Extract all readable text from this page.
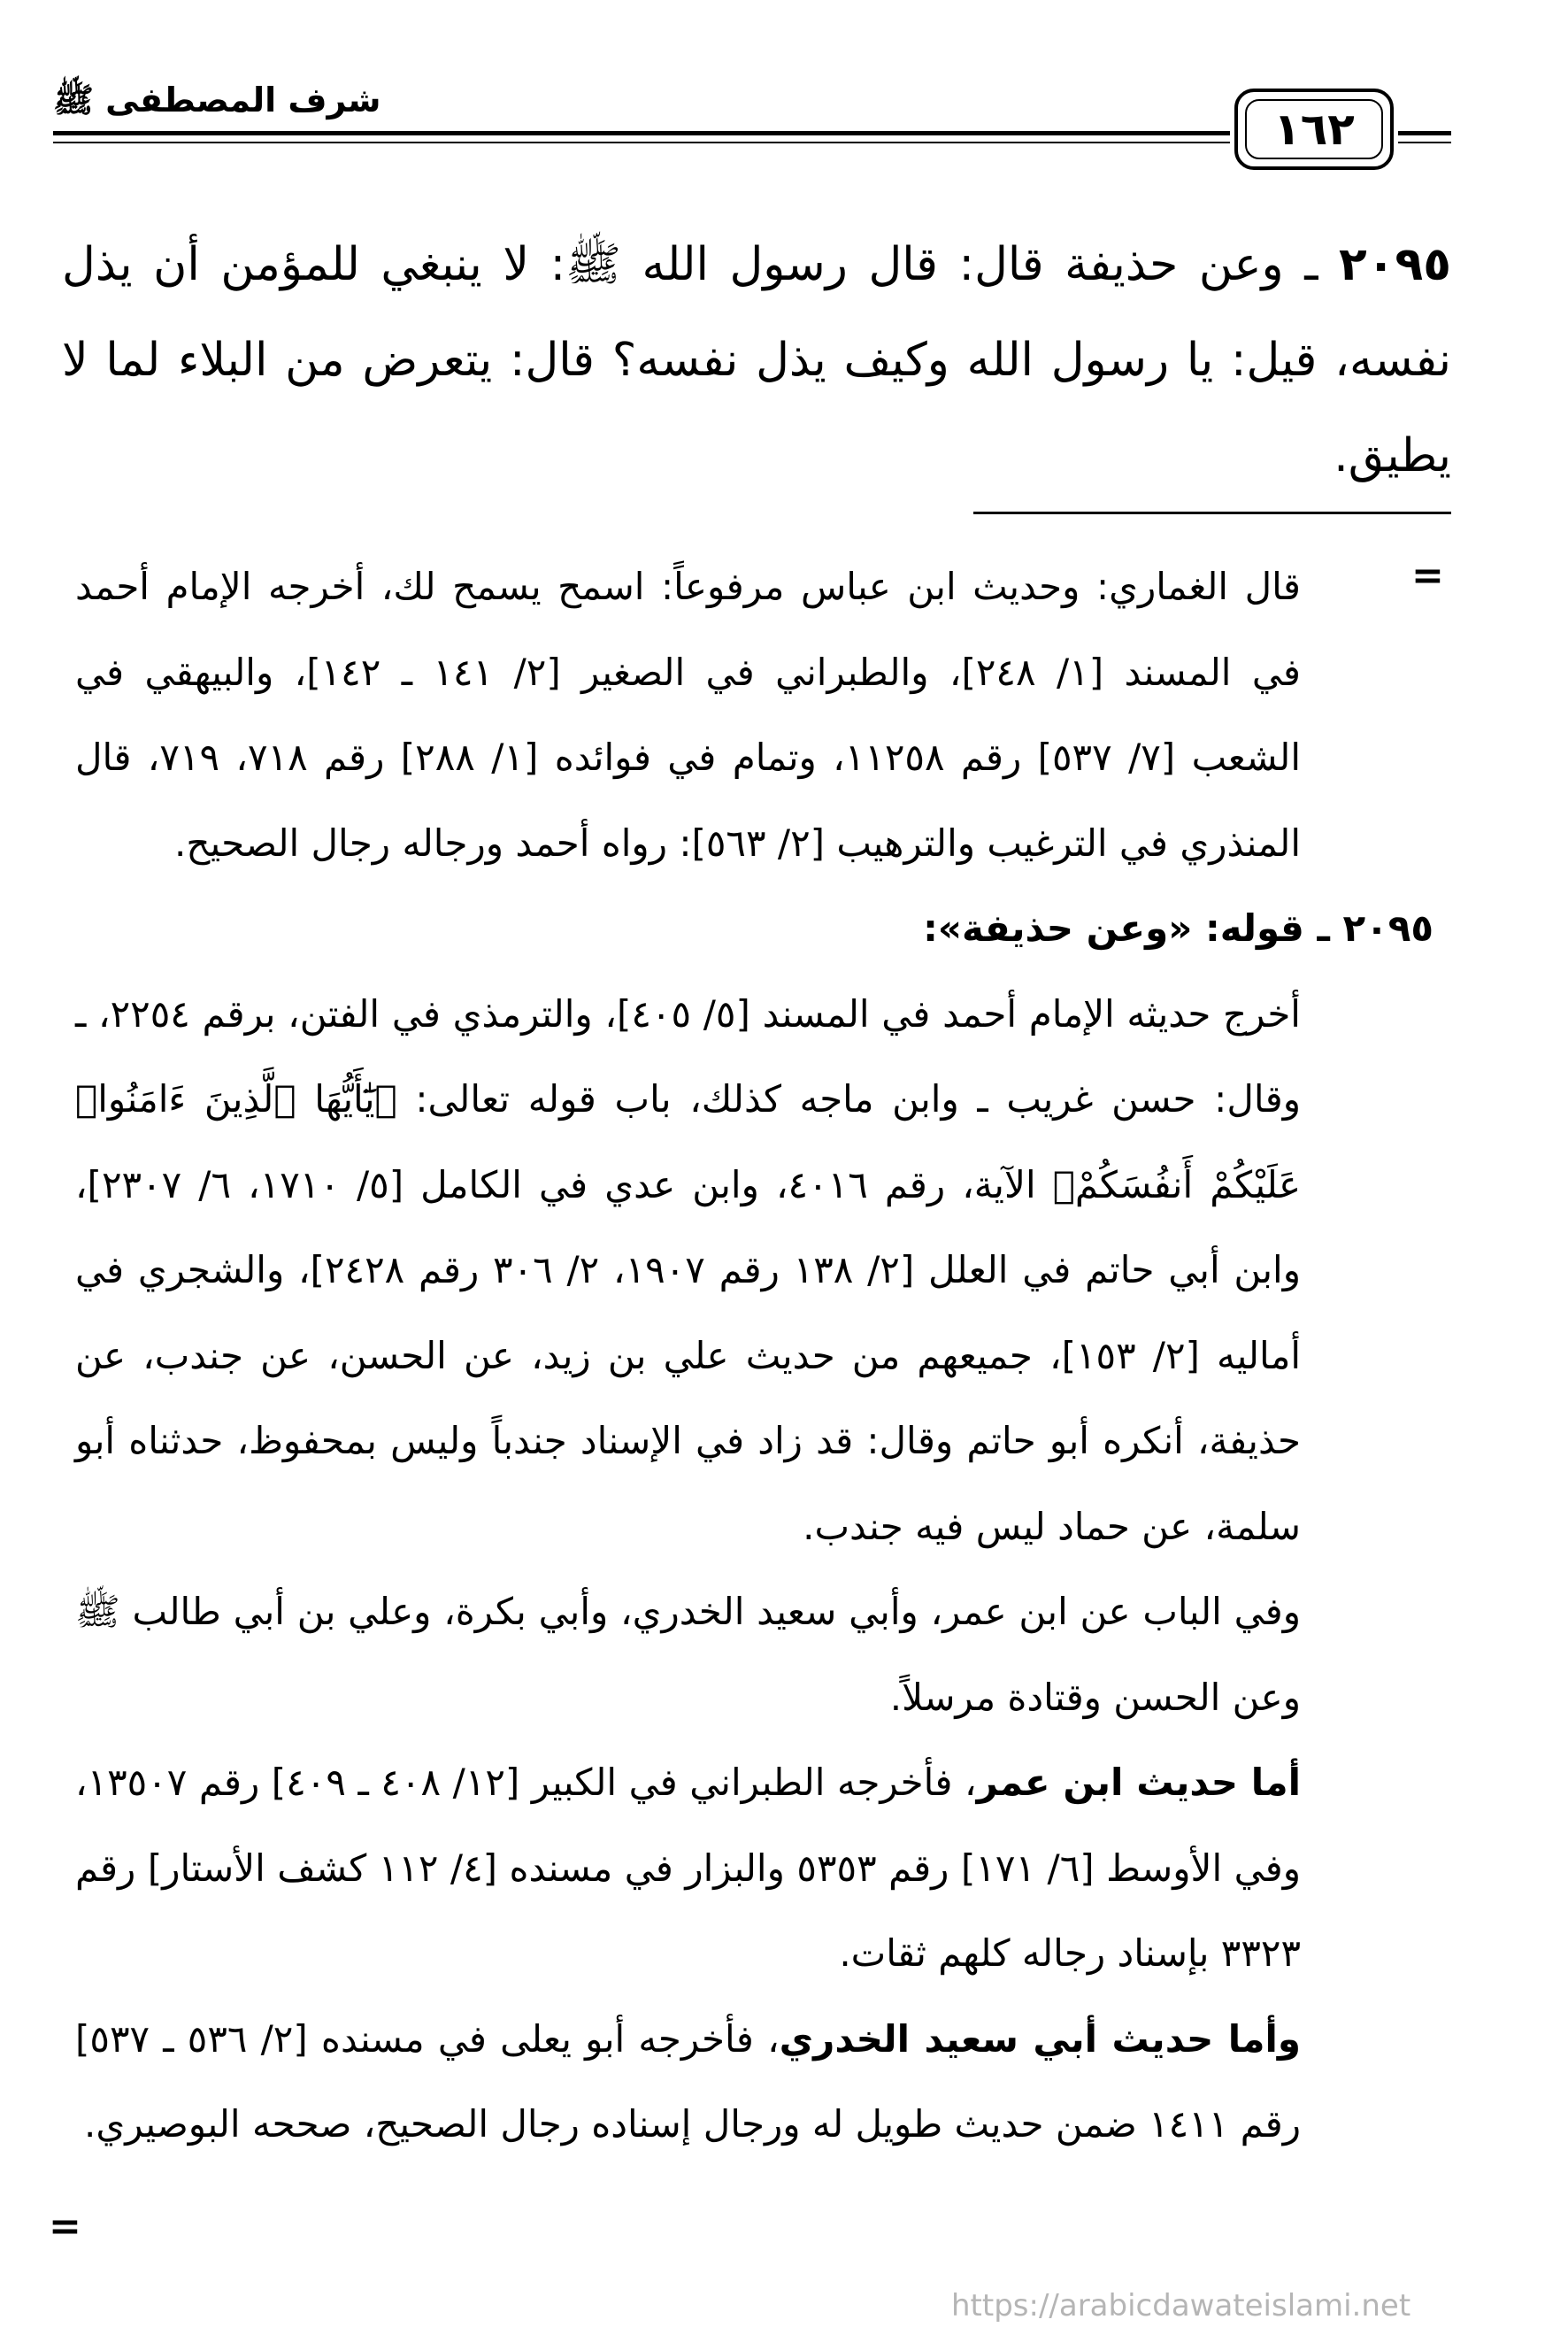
شرف المصطفى ﷺ
١٦٢
٢٠٩٥ ـ وعن حذيفة قال: قال رسول الله ﷺ: لا ينبغي للمؤمن أن يذل نفسه، قيل: يا رسول الله وكيف يذل نفسه؟ قال: يتعرض من البلاء لما لا يطيق.
=

قال الغماري: وحديث ابن عباس مرفوعاً: اسمح يسمح لك، أخرجه الإمام أحمد في المسند [١/ ٢٤٨]، والطبراني في الصغير [٢/ ١٤١ ـ ١٤٢]، والبيهقي في الشعب [٧/ ٥٣٧] رقم ١١٢٥٨، وتمام في فوائده [١/ ٢٨٨] رقم ٧١٨، ٧١٩، قال المنذري في الترغيب والترهيب [٢/ ٥٦٣]: رواه أحمد ورجاله رجال الصحيح.

٢٠٩٥ ـ قوله: «وعن حذيفة»:

أخرج حديثه الإمام أحمد في المسند [٥/ ٤٠٥]، والترمذي في الفتن، برقم ٢٢٥٤، ـ وقال: حسن غريب ـ وابن ماجه كذلك، باب قوله تعالى: ﴿يَٰٓأَيُّهَا ٱلَّذِينَ ءَامَنُوا۟ عَلَيْكُمْ أَنفُسَكُمْ﴾ الآية، رقم ٤٠١٦، وابن عدي في الكامل [٥/ ١٧١٠، ٦/ ٢٣٠٧]، وابن أبي حاتم في العلل [٢/ ١٣٨ رقم ١٩٠٧، ٢/ ٣٠٦ رقم ٢٤٢٨]، والشجري في أماليه [٢/ ١٥٣]، جميعهم من حديث علي بن زيد، عن الحسن، عن جندب، عن حذيفة، أنكره أبو حاتم وقال: قد زاد في الإسناد جندباً وليس بمحفوظ، حدثناه أبو سلمة، عن حماد ليس فيه جندب.

وفي الباب عن ابن عمر، وأبي سعيد الخدري، وأبي بكرة، وعلي بن أبي طالب ﷺ وعن الحسن وقتادة مرسلاً.

أما حديث ابن عمر، فأخرجه الطبراني في الكبير [١٢/ ٤٠٨ ـ ٤٠٩] رقم ١٣٥٠٧، وفي الأوسط [٦/ ١٧١] رقم ٥٣٥٣ والبزار في مسنده [٤/ ١١٢ كشف الأستار] رقم ٣٣٢٣ بإسناد رجاله كلهم ثقات.

وأما حديث أبي سعيد الخدري، فأخرجه أبو يعلى في مسنده [٢/ ٥٣٦ ـ ٥٣٧] رقم ١٤١١ ضمن حديث طويل له ورجال إسناده رجال الصحيح، صححه البوصيري.

=
https://arabicdawateislami.net
